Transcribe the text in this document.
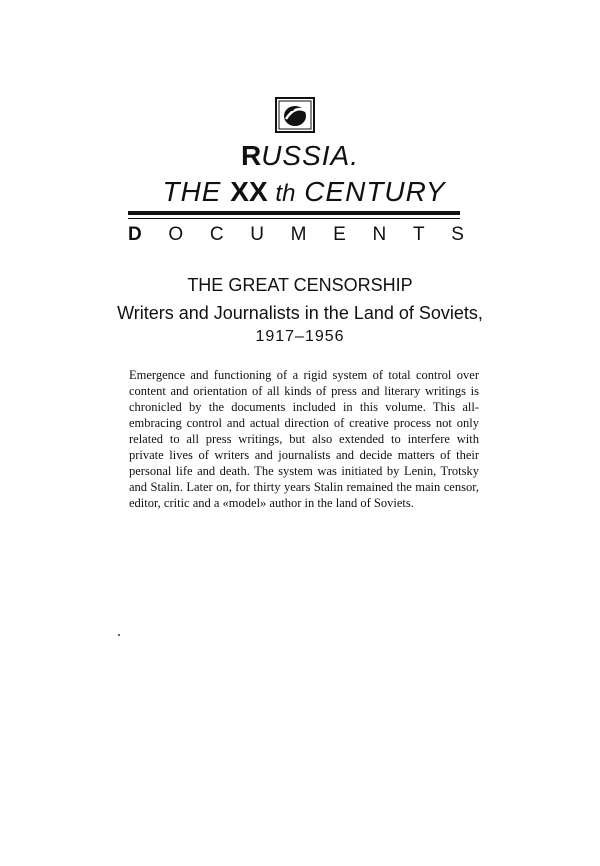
RUSSIA.
THE XX th CENTURY
D O C U M E N T S
THE GREAT CENSORSHIP
Writers and Journalists in the Land of Soviets,
1917–1956
Emergence and functioning of a rigid system of total control over content and orientation of all kinds of press and literary writings is chronicled by the documents included in this volume. This all-embracing control and actual direction of creative process not only related to all press writings, but also extended to interfere with private lives of writers and journalists and decide matters of their personal life and death. The system was initiated by Lenin, Trotsky and Stalin. Later on, for thirty years Stalin remained the main censor, editor, critic and a «model» author in the land of Soviets.
